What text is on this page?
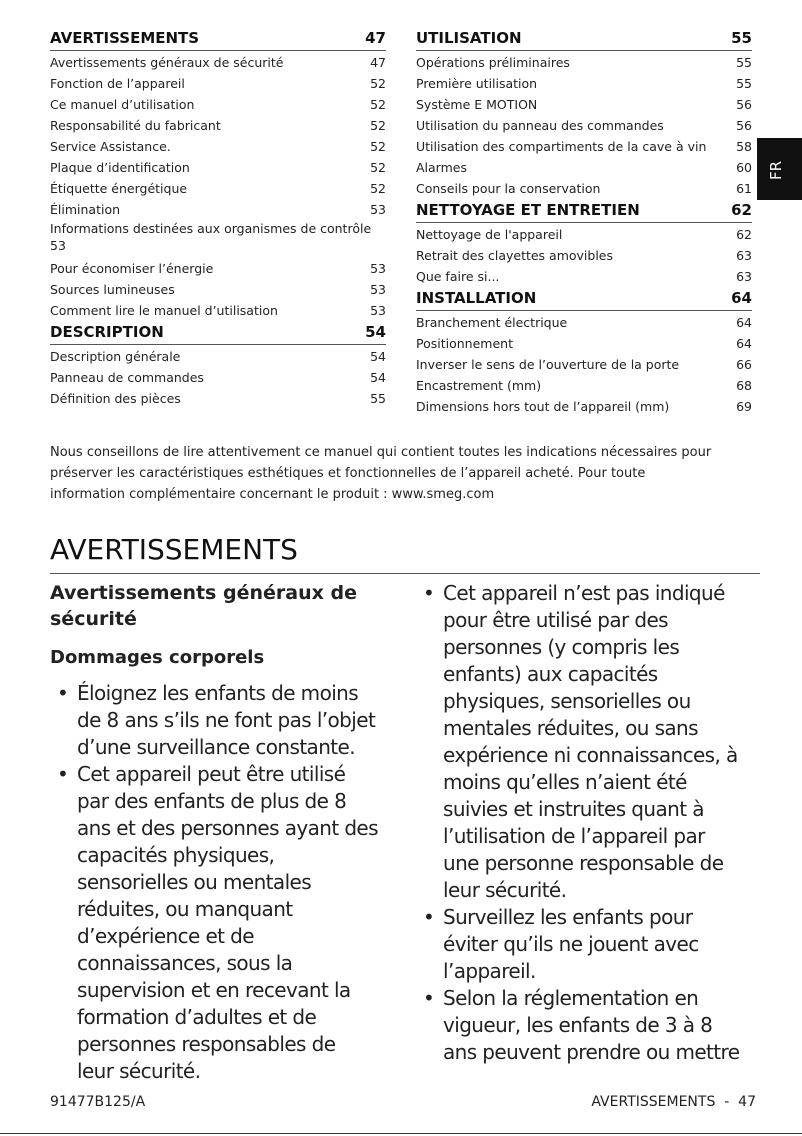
AVERTISSEMENTS	47
Avertissements généraux de sécurité	47
Fonction de l’appareil	52
Ce manuel d’utilisation	52
Responsabilité du fabricant	52
Service Assistance.	52
Plaque d’identification	52
Étiquette énergétique	52
Élimination	53
Informations destinées aux organismes de contrôle 53
Pour économiser l’énergie	53
Sources lumineuses	53
Comment lire le manuel d’utilisation	53
DESCRIPTION	54
Description générale	54
Panneau de commandes	54
Définition des pièces	55
UTILISATION	55
Opérations préliminaires	55
Première utilisation	55
Système E MOTION	56
Utilisation du panneau des commandes	56
Utilisation des compartiments de la cave à vin 58
Alarmes	60
Conseils pour la conservation	61
NETTOYAGE ET ENTRETIEN	62
Nettoyage de l'appareil	62
Retrait des clayettes amovibles	63
Que faire si...	63
INSTALLATION	64
Branchement électrique	64
Positionnement	64
Inverser le sens de l’ouverture de la porte	66
Encastrement (mm)	68
Dimensions hors tout de l’appareil (mm)	69
FR
Nous conseillons de lire attentivement ce manuel qui contient toutes les indications nécessaires pour
préserver les caractéristiques esthétiques et fonctionnelles de l’appareil acheté. Pour toute
information complémentaire concernant le produit : www.smeg.com
AVERTISSEMENTS
Avertissements généraux de
sécurité
Dommages corporels
• Éloignez les enfants de moins
de 8 ans s’ils ne font pas l’objet
d’une surveillance constante.
• Cet appareil peut être utilisé
par des enfants de plus de 8
ans et des personnes ayant des
capacités physiques,
sensorielles ou mentales
réduites, ou manquant
d’expérience et de
connaissances, sous la
supervision et en recevant la
formation d’adultes et de
personnes responsables de
leur sécurité.
• Cet appareil n’est pas indiqué
pour être utilisé par des
personnes (y compris les
enfants) aux capacités
physiques, sensorielles ou
mentales réduites, ou sans
expérience ni connaissances, à
moins qu’elles n’aient été
suivies et instruites quant à
l’utilisation de l’appareil par
une personne responsable de
leur sécurité.
• Surveillez les enfants pour
éviter qu’ils ne jouent avec
l’appareil.
• Selon la réglementation en
vigueur, les enfants de 3 à 8
ans peuvent prendre ou mettre
91477B125/A	AVERTISSEMENTS  -  47
